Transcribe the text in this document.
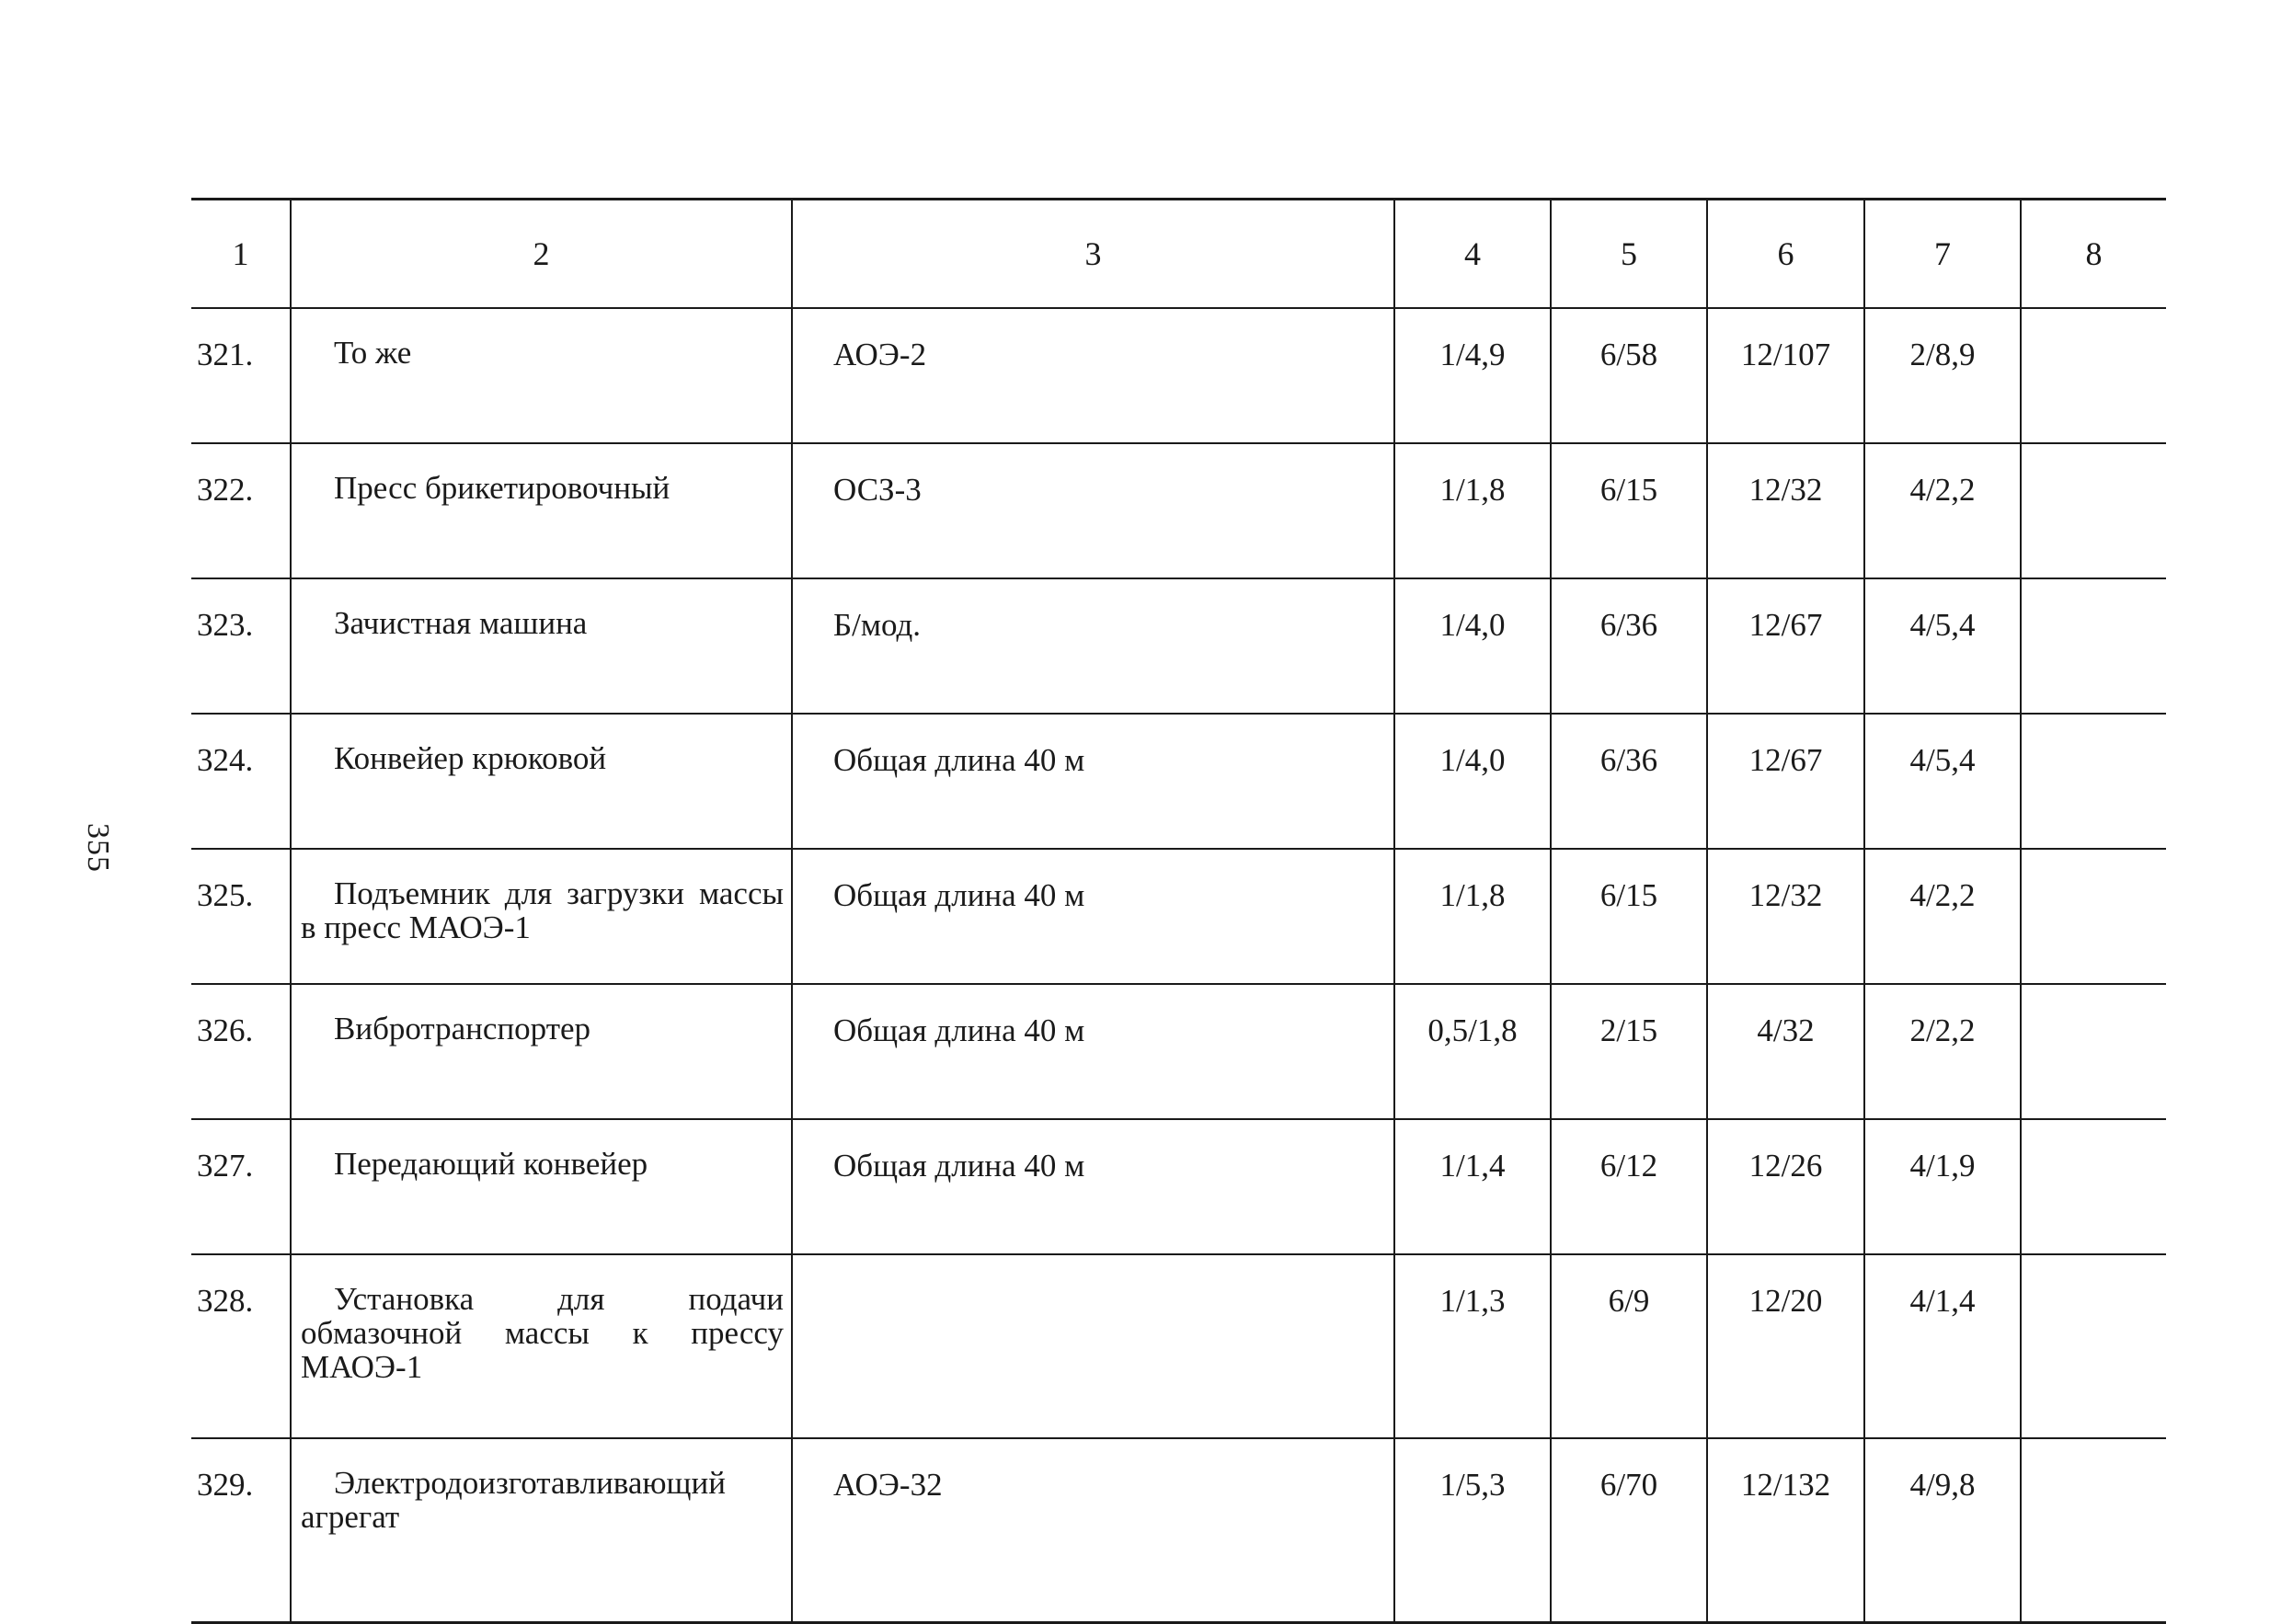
355
1	2	3	4	5	6	7	8
321.	То же	АОЭ-2	1/4,9	6/58	12/107	2/8,9	
322.	Пресс брикетировочный	ОСЗ-3	1/1,8	6/15	12/32	4/2,2	
323.	Зачистная машина	Б/мод.	1/4,0	6/36	12/67	4/5,4	
324.	Конвейер крюковой	Общая длина 40 м	1/4,0	6/36	12/67	4/5,4	
325.	Подъемник для загрузки массы в пресс МАОЭ-1	Общая длина 40 м	1/1,8	6/15	12/32	4/2,2	
326.	Вибротранспортер	Общая длина 40 м	0,5/1,8	2/15	4/32	2/2,2	
327.	Передающий конвейер	Общая длина 40 м	1/1,4	6/12	12/26	4/1,9	
328.	Установка для подачи обмазочной массы к прессу МАОЭ-1		1/1,3	6/9	12/20	4/1,4	
329.	Электродоизготавливающий агрегат	АОЭ-32	1/5,3	6/70	12/132	4/9,8	
